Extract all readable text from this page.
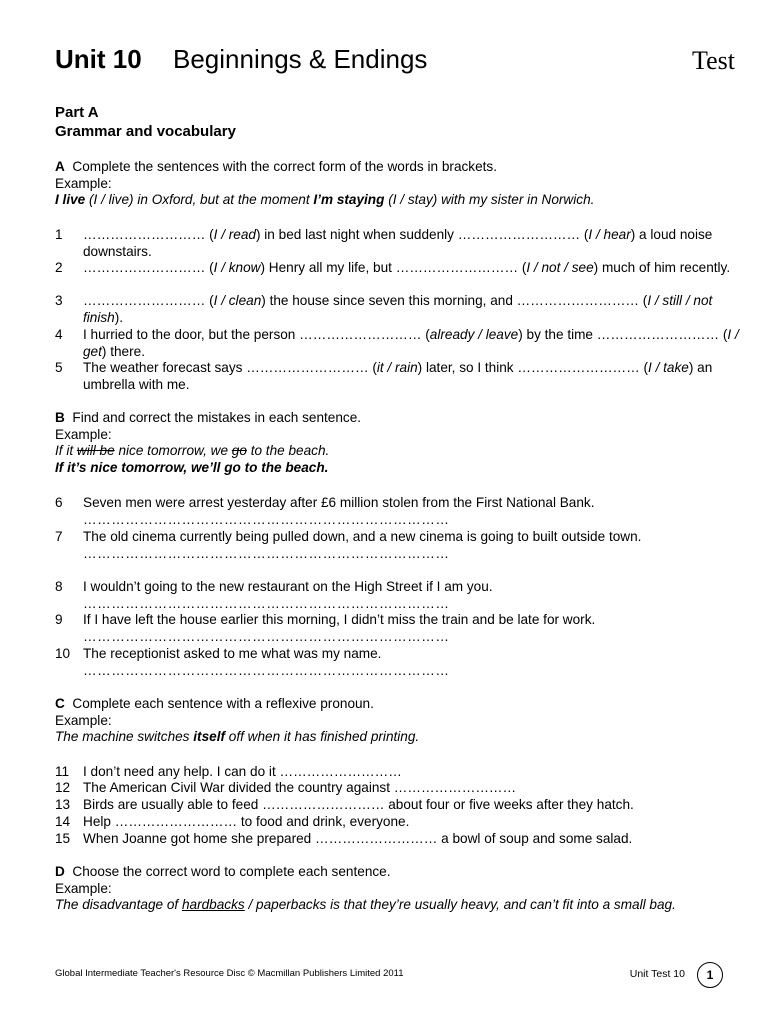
Unit 10 Beginnings & Endings	Test
Part A
Grammar and vocabulary
A Complete the sentences with the correct form of the words in brackets.
Example:
I live (I / live) in Oxford, but at the moment I’m staying (I / stay) with my sister in Norwich.
1	……………………… (I / read) in bed last night when suddenly ……………………… (I / hear) a loud noise downstairs.
2	……………………… (I / know) Henry all my life, but ……………………… (I / not / see) much of him recently.
3	……………………… (I / clean) the house since seven this morning, and ……………………… (I / still / not finish).
4	I hurried to the door, but the person ……………………… (already / leave) by the time ……………………… (I / get) there.
5	The weather forecast says ……………………… (it / rain) later, so I think ……………………… (I / take) an umbrella with me.
B Find and correct the mistakes in each sentence.
Example:
If it will be nice tomorrow, we go to the beach.
If it’s nice tomorrow, we’ll go to the beach.
6	Seven men were arrest yesterday after £6 million stolen from the First National Bank.
……………………………………………………………………
7	The old cinema currently being pulled down, and a new cinema is going to built outside town.
……………………………………………………………………
8	I wouldn’t going to the new restaurant on the High Street if I am you.
……………………………………………………………………
9	If I have left the house earlier this morning, I didn’t miss the train and be late for work.
……………………………………………………………………
10 The receptionist asked to me what was my name.
……………………………………………………………………
C Complete each sentence with a reflexive pronoun.
Example:
The machine switches itself off when it has finished printing.
11	I don’t need any help. I can do it ………………………
12 The American Civil War divided the country against ………………………
13 Birds are usually able to feed ……………………… about four or five weeks after they hatch.
14 Help ……………………… to food and drink, everyone.
15 When Joanne got home she prepared ……………………… a bowl of soup and some salad.
D Choose the correct word to complete each sentence.
Example:
The disadvantage of hardbacks / paperbacks is that they’re usually heavy, and can’t fit into a small bag.
Global Intermediate Teacher's Resource Disc © Macmillan Publishers Limited 2011	Unit Test 10	1
